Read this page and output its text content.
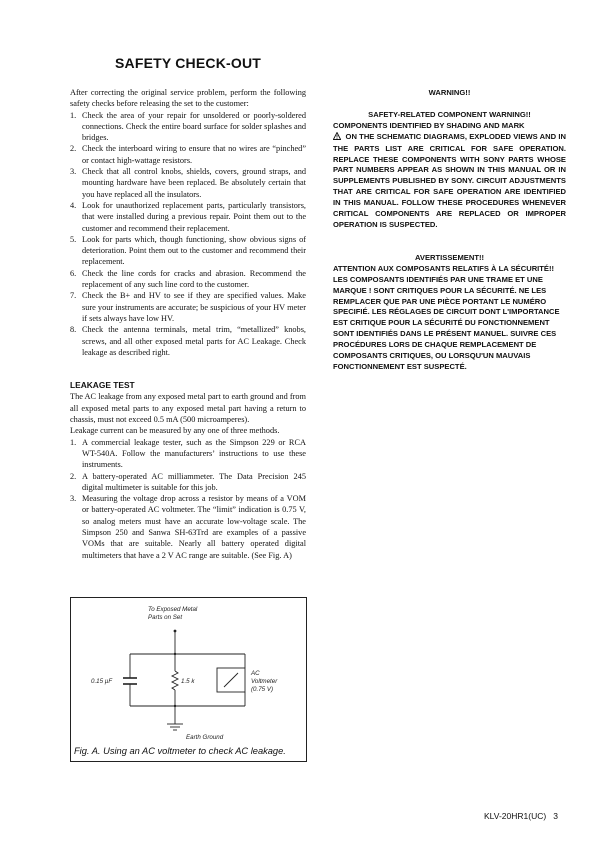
SAFETY CHECK-OUT

After correcting the original service problem, perform the following safety checks before releasing the set to the customer:

1. Check the area of your repair for unsoldered or poorly-soldered connections. Check the entire board surface for solder splashes and bridges.
2. Check the interboard wiring to ensure that no wires are “pinched” or contact high-wattage resistors.
3. Check that all control knobs, shields, covers, ground straps, and mounting hardware have been replaced. Be absolutely certain that you have replaced all the insulators.
4. Look for unauthorized replacement parts, particularly transistors, that were installed during a previous repair. Point them out to the customer and recommend their replacement.
5. Look for parts which, though functioning, show obvious signs of deterioration. Point them out to the customer and recommend their replacement.
6. Check the line cords for cracks and abrasion. Recommend the replacement of any such line cord to the customer.
7. Check the B+ and HV to see if they are specified values. Make sure your instruments are accurate; be suspicious of your HV meter if sets always have low HV.
8. Check the antenna terminals, metal trim, “metallized” knobs, screws, and all other exposed metal parts for AC Leakage. Check leakage as described right.
LEAKAGE TEST

The AC leakage from any exposed metal part to earth ground and from all exposed metal parts to any exposed metal part having a return to chassis, must not exceed 0.5 mA (500 microamperes).

Leakage current can be measured by any one of three methods.

1. A commercial leakage tester, such as the Simpson 229 or RCA WT-540A. Follow the manufacturers’ instructions to use these instruments.
2. A battery-operated AC milliammeter. The Data Precision 245 digital multimeter is suitable for this job.
3. Measuring the voltage drop across a resistor by means of a VOM or battery-operated AC voltmeter. The “limit” indication is 0.75 V, so analog meters must have an accurate low-voltage scale. The Simpson 250 and Sanwa SH-63Trd are examples of a passive VOMs that are suitable. Nearly all battery operated digital multimeters that have a 2 V AC range are suitable. (See Fig. A)

WARNING!!

SAFETY-RELATED COMPONENT WARNING!!

COMPONENTS IDENTIFIED BY SHADING AND MARK

ON THE SCHEMATIC DIAGRAMS, EXPLODED VIEWS AND IN THE PARTS LIST ARE CRITICAL FOR SAFE OPERATION. REPLACE THESE COMPONENTS WITH SONY PARTS WHOSE PART NUMBERS APPEAR AS SHOWN IN THIS MANUAL OR IN SUPPLEMENTS PUBLISHED BY SONY. CIRCUIT ADJUSTMENTS THAT ARE CRITICAL FOR SAFE OPERATION ARE IDENTIFIED IN THIS MANUAL. FOLLOW THESE PROCEDURES WHENEVER CRITICAL COMPONENTS ARE REPLACED OR IMPROPER OPERATION IS SUSPECTED.

AVERTISSEMENT!!

ATTENTION AUX COMPOSANTS RELATIFS À LA SÉCURITÉ!!

LES COMPOSANTS IDENTIFIÉS PAR UNE TRAME ET UNE MARQUE ! SONT CRITIQUES POUR LA SÉCURITÉ. NE LES REMPLACER QUE PAR UNE PIÈCE PORTANT LE NUMÉRO SPECIFIÉ. LES RÉGLAGES DE CIRCUIT DONT L'IMPORTANCE EST CRITIQUE POUR LA SÉCURITÉ DU FONCTIONNEMENT SONT IDENTIFIÉS DANS LE PRÉSENT MANUEL. SUIVRE CES PROCÉDURES LORS DE CHAQUE REMPLACEMENT DE COMPOSANTS CRITIQUES, OU LORSQU'UN MAUVAIS FONCTIONNEMENT EST SUSPECTÉ.

To Exposed Metal
Parts on Set
0.15 µF	1.5 k
AC
Voltmeter
(0.75 V)
Earth Ground
Fig. A. Using an AC voltmeter to check AC leakage.
KLV-20HR1(UC) 3
